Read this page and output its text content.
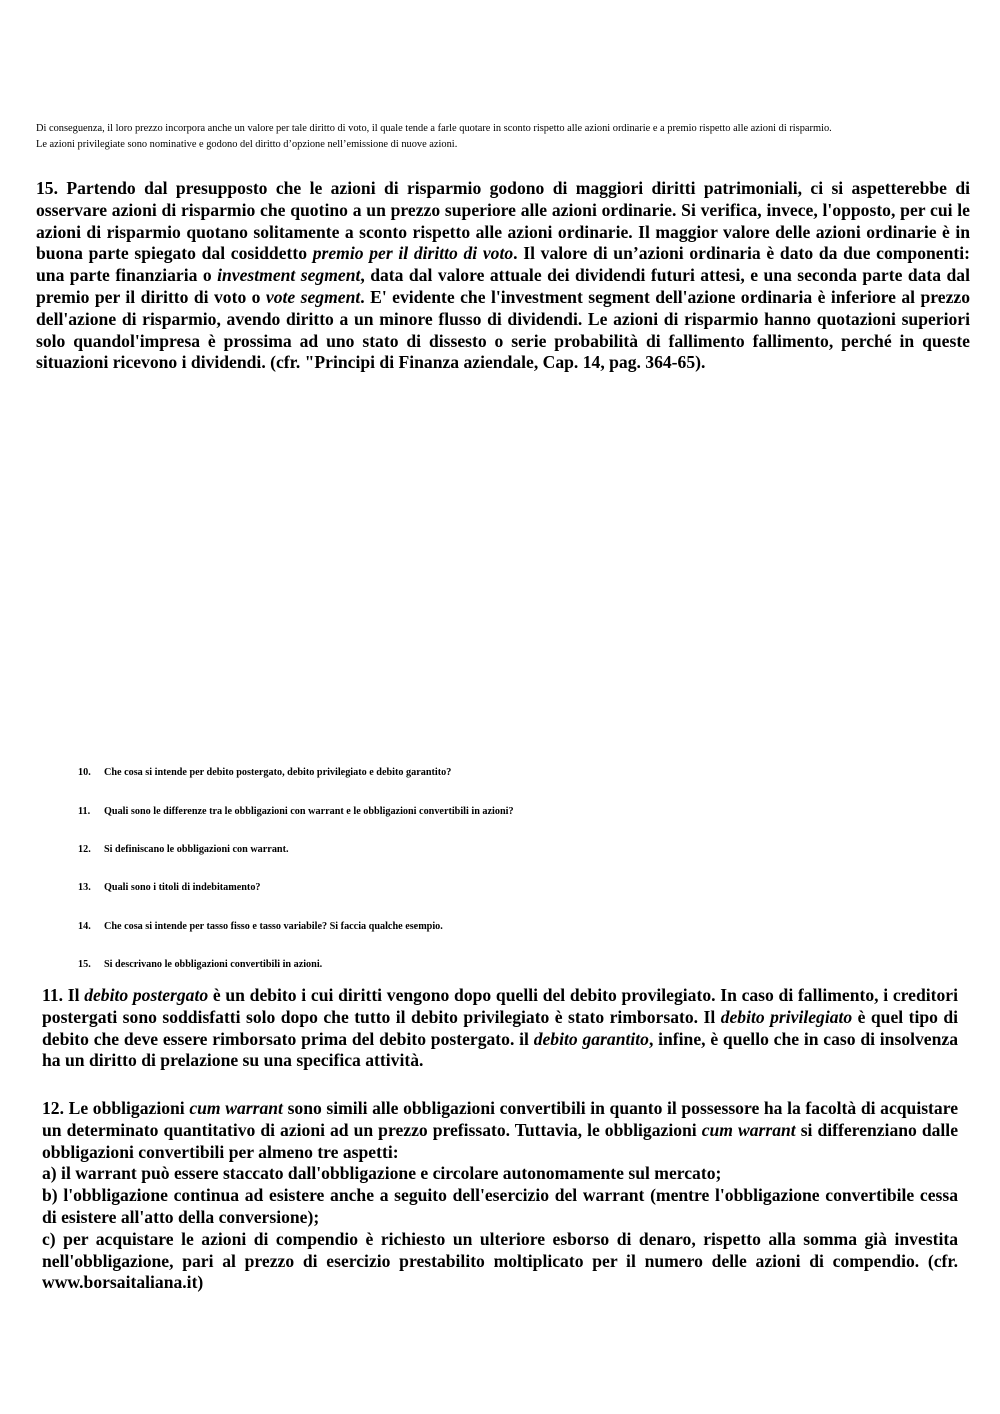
Di conseguenza, il loro prezzo incorpora anche un valore per tale diritto di voto, il quale tende a farle quotare in sconto rispetto alle azioni ordinarie e a premio rispetto alle azioni di risparmio.
Le azioni privilegiate sono nominative e godono del diritto d’opzione nell’emissione di nuove azioni.

15. Partendo dal presupposto che le azioni di risparmio godono di maggiori diritti patrimoniali, ci si aspetterebbe di osservare azioni di risparmio che quotino a un prezzo superiore alle azioni ordinarie. Si verifica, invece, l'opposto, per cui le azioni di risparmio quotano solitamente a sconto rispetto alle azioni ordinarie. Il maggior valore delle azioni ordinarie è in buona parte spiegato dal cosiddetto premio per il diritto di voto. Il valore di un’azioni ordinaria è dato da due componenti: una parte finanziaria o investment segment, data dal valore attuale dei dividendi futuri attesi, e una seconda parte data dal premio per il diritto di voto o vote segment. E' evidente che l'investment segment dell'azione ordinaria è inferiore al prezzo dell'azione di risparmio, avendo diritto a un minore flusso di dividendi. Le azioni di risparmio hanno quotazioni superiori solo quandol'impresa è prossima ad uno stato di dissesto o serie probabilità di fallimento fallimento, perché in queste situazioni ricevono i dividendi. (cfr. "Principi di Finanza aziendale, Cap. 14, pag. 364-65).

10. Che cosa si intende per debito postergato, debito privilegiato e debito garantito?
11. Quali sono le differenze tra le obbligazioni con warrant e le obbligazioni convertibili in azioni?
12. Si definiscano le obbligazioni con warrant.
13. Quali sono i titoli di indebitamento?
14. Che cosa si intende per tasso fisso e tasso variabile? Si faccia qualche esempio.
15. Si descrivano le obbligazioni convertibili in azioni.

11. Il debito postergato è un debito i cui diritti vengono dopo quelli del debito provilegiato. In caso di fallimento, i creditori postergati sono soddisfatti solo dopo che tutto il debito privilegiato è stato rimborsato. Il debito privilegiato è quel tipo di debito che deve essere rimborsato prima del debito postergato. il debito garantito, infine, è quello che in caso di insolvenza ha un diritto di prelazione su una specifica attività.

12. Le obbligazioni cum warrant sono simili alle obbligazioni convertibili in quanto il possessore ha la facoltà di acquistare un determinato quantitativo di azioni ad un prezzo prefissato. Tuttavia, le obbligazioni cum warrant si differenziano dalle obbligazioni convertibili per almeno tre aspetti:

a) il warrant può essere staccato dall'obbligazione e circolare autonomamente sul mercato;

b) l'obbligazione continua ad esistere anche a seguito dell'esercizio del warrant (mentre l'obbligazione convertibile cessa di esistere all'atto della conversione);

c) per acquistare le azioni di compendio è richiesto un ulteriore esborso di denaro, rispetto alla somma già investita nell'obbligazione, pari al prezzo di esercizio prestabilito moltiplicato per il numero delle azioni di compendio. (cfr. www.borsaitaliana.it)
